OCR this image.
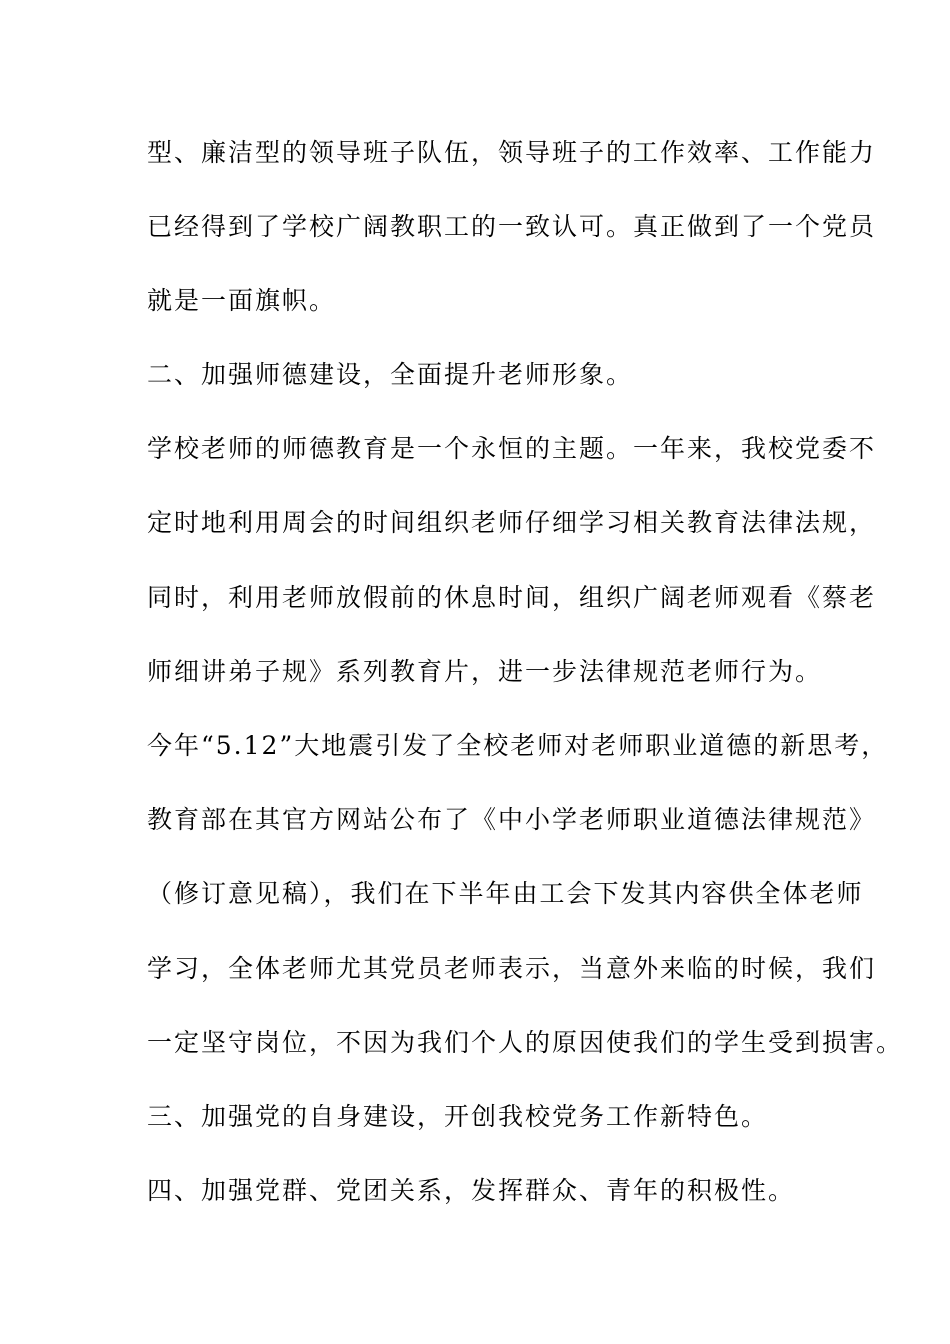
型、廉洁型的领导班子队伍，领导班子的工作效率、工作能力
已经得到了学校广阔教职工的一致认可。真正做到了一个党员
就是一面旗帜。
二、加强师德建设，全面提升老师形象。
学校老师的师德教育是一个永恒的主题。一年来，我校党委不
定时地利用周会的时间组织老师仔细学习相关教育法律法规，
同时，利用老师放假前的休息时间，组织广阔老师观看《蔡老
师细讲弟子规》系列教育片，进一步法律规范老师行为。
今年“5.12”大地震引发了全校老师对老师职业道德的新思考，
教育部在其官方网站公布了《中小学老师职业道德法律规范》
（修订意见稿），我们在下半年由工会下发其内容供全体老师
学习，全体老师尤其党员老师表示，当意外来临的时候，我们
一定坚守岗位，不因为我们个人的原因使我们的学生受到损害。
三、加强党的自身建设，开创我校党务工作新特色。
四、加强党群、党团关系，发挥群众、青年的积极性。
